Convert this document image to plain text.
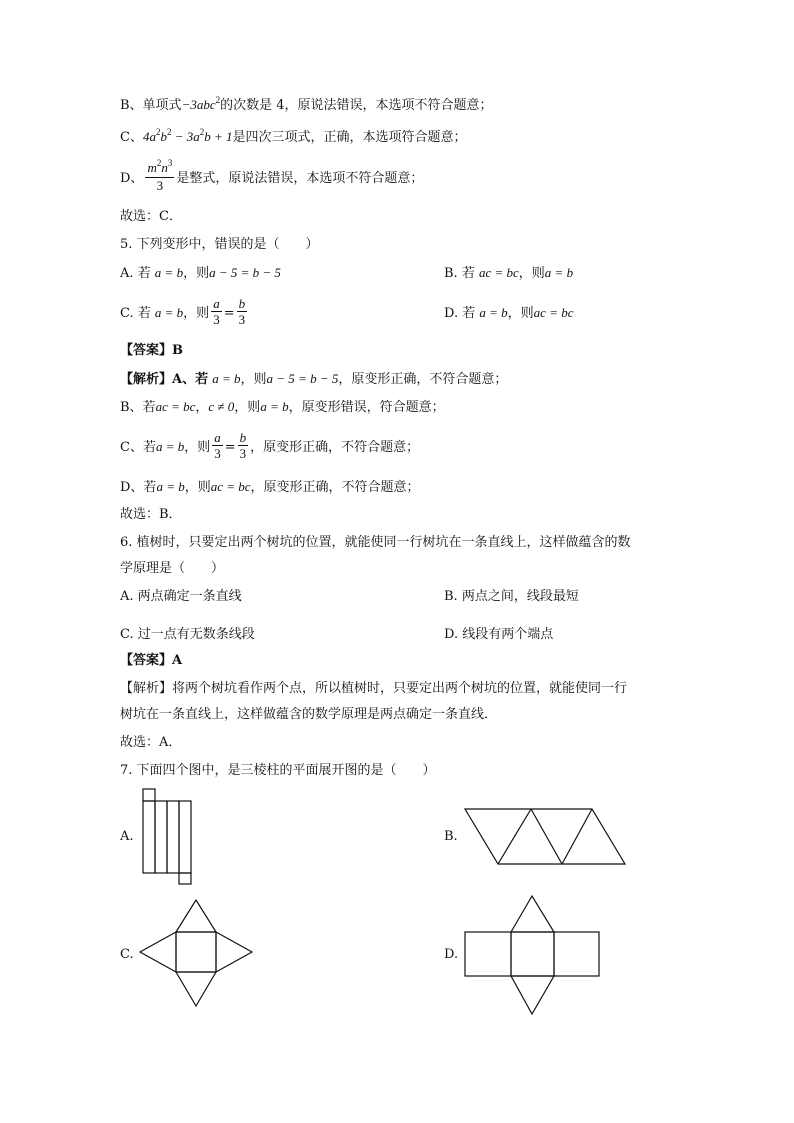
B、单项式−3abc$^2$的次数是 4，原说法错误，本选项不符合题意；
C、$4a^2b^2 - 3a^2b + 1$是四次三项式，正确，本选项符合题意；
D、 $\frac{m^2n^3}{3}$ 是整式，原说法错误，本选项不符合题意；
故选：C．
5. 下列变形中，错误的是（　　）
A. 若 a = b，则a − 5 = b − 5	B. 若 ac = bc，则a = b
C. 若 a = b，则 $\frac{a}{3} = \frac{b}{3}$	D. 若 a = b，则ac = bc
【答案】B
【解析】A、若 a = b，则a − 5 = b − 5，原变形正确，不符合题意；
B、若ac = bc，c ≠ 0，则a = b，原变形错误，符合题意；
C、若a = b，则 $\frac{a}{3} = \frac{b}{3}$ ，原变形正确，不符合题意；
D、若a = b，则ac = bc，原变形正确，不符合题意；
故选：B．
6. 植树时，只要定出两个树坑的位置，就能使同一行树坑在一条直线上，这样做蕴含的数
学原理是（　　）
A. 两点确定一条直线	B. 两点之间，线段最短
C. 过一点有无数条线段	D. 线段有两个端点
【答案】A
【解析】将两个树坑看作两个点，所以植树时，只要定出两个树坑的位置，就能使同一行
树坑在一条直线上，这样做蕴含的数学原理是两点确定一条直线．
故选：A．
7. 下面四个图中，是三棱柱的平面展开图的是（　　）
A.	B.
C.	D.
